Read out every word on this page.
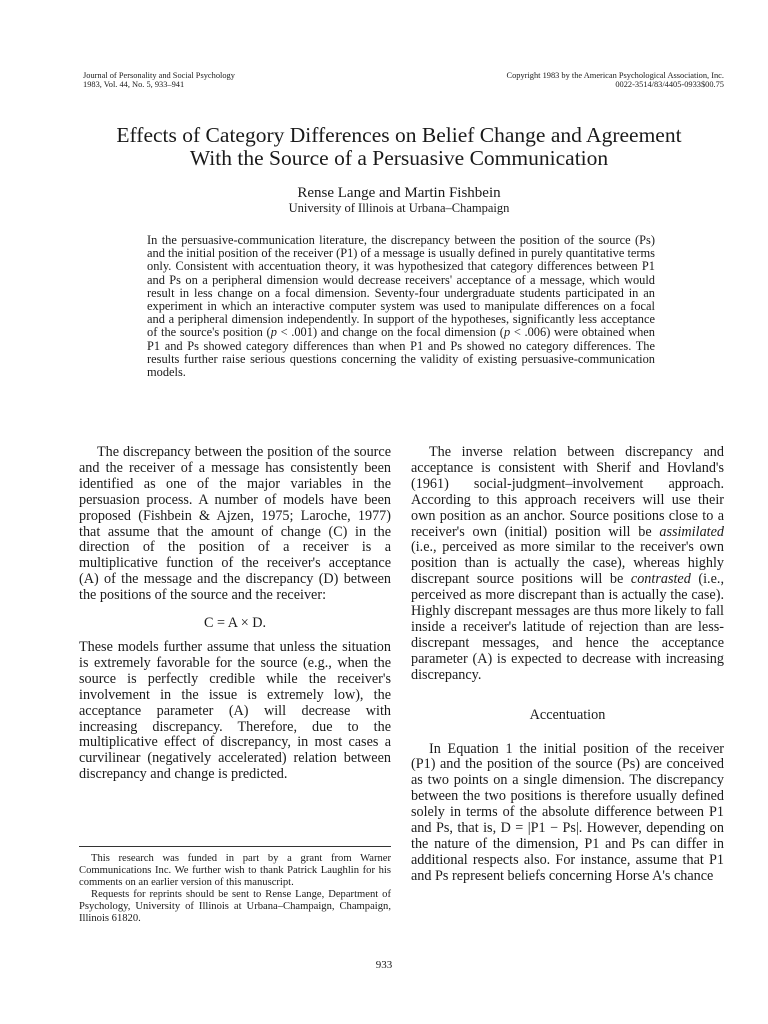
Journal of Personality and Social Psychology
1983, Vol. 44, No. 5, 933–941
Copyright 1983 by the American Psychological Association, Inc.
0022-3514/83/4405-0933$00.75
Effects of Category Differences on Belief Change and Agreement
With the Source of a Persuasive Communication
Rense Lange and Martin Fishbein
University of Illinois at Urbana–Champaign
In the persuasive-communication literature, the discrepancy between the position of the source (Ps) and the initial position of the receiver (P1) of a message is usually defined in purely quantitative terms only. Consistent with accentuation theory, it was hypothesized that category differences between P1 and Ps on a peripheral dimension would decrease receivers' acceptance of a message, which would result in less change on a focal dimension. Seventy-four undergraduate students participated in an experiment in which an interactive computer system was used to manipulate differences on a focal and a peripheral dimension independently. In support of the hypotheses, significantly less acceptance of the source's position (p < .001) and change on the focal dimension (p < .006) were obtained when P1 and Ps showed category differences than when P1 and Ps showed no category differences. The results further raise serious questions concerning the validity of existing persuasive-communication models.

The discrepancy between the position of the source and the receiver of a message has consistently been identified as one of the major variables in the persuasion process. A number of models have been proposed (Fishbein & Ajzen, 1975; Laroche, 1977) that assume that the amount of change (C) in the direction of the position of a receiver is a multiplicative function of the receiver's acceptance (A) of the message and the discrepancy (D) between the positions of the source and the receiver:

C = A × D.

These models further assume that unless the situation is extremely favorable for the source (e.g., when the source is perfectly credible while the receiver's involvement in the issue is extremely low), the acceptance parameter (A) will decrease with increasing discrepancy. Therefore, due to the multiplicative effect of discrepancy, in most cases a curvilinear (negatively accelerated) relation between discrepancy and change is predicted.

This research was funded in part by a grant from Warner Communications Inc. We further wish to thank Patrick Laughlin for his comments on an earlier version of this manuscript.

Requests for reprints should be sent to Rense Lange, Department of Psychology, University of Illinois at Urbana–Champaign, Champaign, Illinois 61820.

The inverse relation between discrepancy and acceptance is consistent with Sherif and Hovland's (1961) social-judgment–involvement approach. According to this approach receivers will use their own position as an anchor. Source positions close to a receiver's own (initial) position will be assimilated (i.e., perceived as more similar to the receiver's own position than is actually the case), whereas highly discrepant source positions will be contrasted (i.e., perceived as more discrepant than is actually the case). Highly discrepant messages are thus more likely to fall inside a receiver's latitude of rejection than are less-discrepant messages, and hence the acceptance parameter (A) is expected to decrease with increasing discrepancy.

Accentuation

In Equation 1 the initial position of the receiver (P1) and the position of the source (Ps) are conceived as two points on a single dimension. The discrepancy between the two positions is therefore usually defined solely in terms of the absolute difference between P1 and Ps, that is, D = |P1 − Ps|. However, depending on the nature of the dimension, P1 and Ps can differ in additional respects also. For instance, assume that P1 and Ps represent beliefs concerning Horse A's chance

933
